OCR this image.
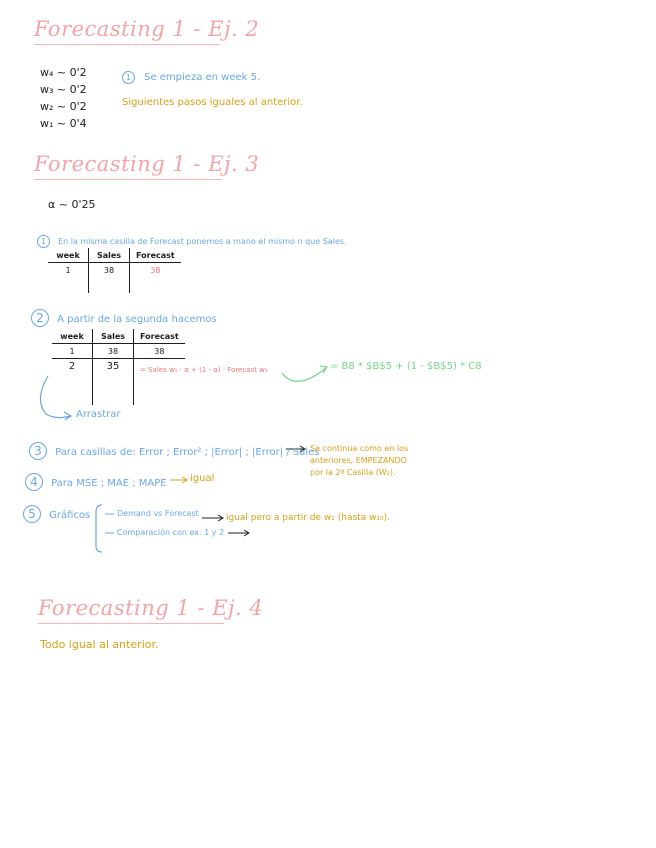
Forecasting 1 - Ej. 2
w₄ ~ 0'2
w₃ ~ 0'2
w₂ ~ 0'2
w₁ ~ 0'4
1 Se empieza en week 5.
Siguientes pasos iguales al anterior.
Forecasting 1 - Ej. 3
α ~ 0'25
1 En la misma casilla de Forecast ponemos a mano el mismo n que Sales.
week	Sales	Forecast
1	38	38

2 A partir de la segunda hacemos
week	Sales	Forecast
1	38	38
2	35	

			= Sales w₁ · α + (1 - α) · Forecast w₁	= B8 * $B$5 + (1 - $B$5) * C8
Arrastrar
3 Para casillas de: Error ; Error² ; |Error| ; |Error| / Sales
Se continua como en los
anteriores, EMPEZANDO
por la 2ª Casilla (W₂).
4 Para MSE ; MAE ; MAPE igual
5 Gráficos	Demand vs Forecast
Comparación con ex. 1 y 2
igual pero a partir de w₂ (hasta w₁₀).
Forecasting 1 - Ej. 4
Todo igual al anterior.
